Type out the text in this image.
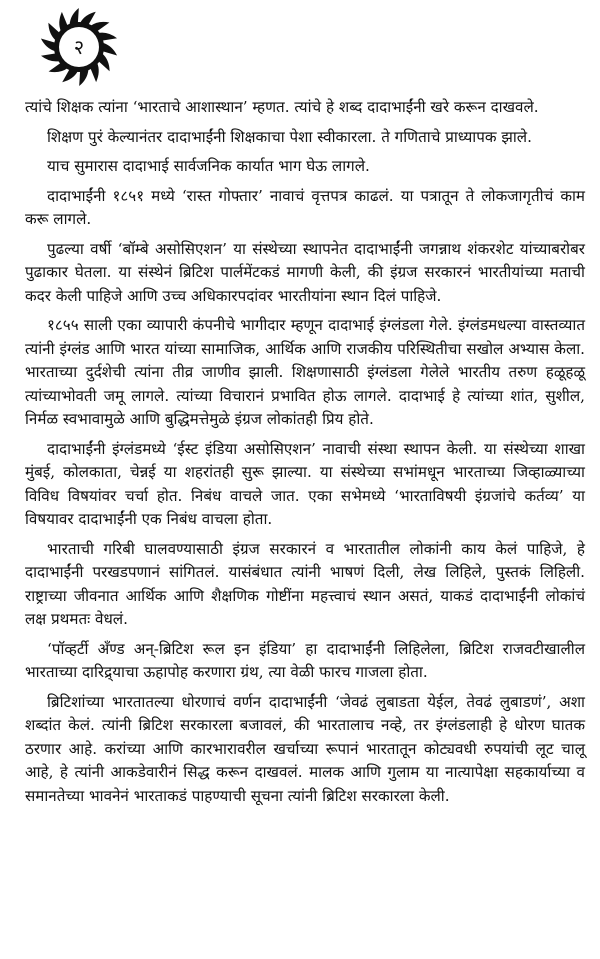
२

त्यांचे शिक्षक त्यांना ‘भारताचे आशास्थान’ म्हणत. त्यांचे हे शब्द दादाभाईंनी खरे करून दाखवले.

शिक्षण पुरं केल्यानंतर दादाभाईंनी शिक्षकाचा पेशा स्वीकारला. ते गणिताचे प्राध्यापक झाले.

याच सुमारास दादाभाई सार्वजनिक कार्यात भाग घेऊ लागले.

दादाभाईंनी १८५१ मध्ये ‘रास्त गोफ्तार’ नावाचं वृत्तपत्र काढलं. या पत्रातून ते लोकजागृतीचं काम करू लागले.

पुढल्या वर्षी ‘बॉम्बे असोसिएशन’ या संस्थेच्या स्थापनेत दादाभाईंनी जगन्नाथ शंकरशेट यांच्याबरोबर पुढाकार घेतला. या संस्थेनं ब्रिटिश पार्लमेंटकडं मागणी केली, की इंग्रज सरकारनं भारतीयांच्या मताची कदर केली पाहिजे आणि उच्च अधिकारपदांवर भारतीयांना स्थान दिलं पाहिजे.

१८५५ साली एका व्यापारी कंपनीचे भागीदार म्हणून दादाभाई इंग्लंडला गेले. इंग्लंडमधल्या वास्तव्यात त्यांनी इंग्लंड आणि भारत यांच्या सामाजिक, आर्थिक आणि राजकीय परिस्थितीचा सखोल अभ्यास केला. भारताच्या दुर्दशेची त्यांना तीव्र जाणीव झाली. शिक्षणासाठी इंग्लंडला गेलेले भारतीय तरुण हळूहळू त्यांच्याभोवती जमू लागले. त्यांच्या विचारानं प्रभावित होऊ लागले. दादाभाई हे त्यांच्या शांत, सुशील, निर्मळ स्वभावामुळे आणि बुद्धिमत्तेमुळे इंग्रज लोकांतही प्रिय होते.

दादाभाईंनी इंग्लंडमध्ये ‘ईस्ट इंडिया असोसिएशन’ नावाची संस्था स्थापन केली. या संस्थेच्या शाखा मुंबई, कोलकाता, चेन्नई या शहरांतही सुरू झाल्या. या संस्थेच्या सभांमधून भारताच्या जिव्हाळ्याच्या विविध विषयांवर चर्चा होत. निबंध वाचले जात. एका सभेमध्ये ‘भारताविषयी इंग्रजांचे कर्तव्य’ या विषयावर दादाभाईंनी एक निबंध वाचला होता.

भारताची गरिबी घालवण्यासाठी इंग्रज सरकारनं व भारतातील लोकांनी काय केलं पाहिजे, हे दादाभाईंनी परखडपणानं सांगितलं. यासंबंधात त्यांनी भाषणं दिली, लेख लिहिले, पुस्तकं लिहिली. राष्ट्राच्या जीवनात आर्थिक आणि शैक्षणिक गोष्टींना महत्त्वाचं स्थान असतं, याकडं दादाभाईंनी लोकांचं लक्ष प्रथमतः वेधलं.

‘पॉव्हर्टी अँण्ड अन्-ब्रिटिश रूल इन इंडिया’ हा दादाभाईंनी लिहिलेला, ब्रिटिश राजवटीखालील भारताच्या दारिद्र्याचा ऊहापोह करणारा ग्रंथ, त्या वेळी फारच गाजला होता.

ब्रिटिशांच्या भारतातल्या धोरणाचं वर्णन दादाभाईंनी ‘जेवढं लुबाडता येईल, तेवढं लुबाडणं’, अशा शब्दांत केलं. त्यांनी ब्रिटिश सरकारला बजावलं, की भारतालाच नव्हे, तर इंग्लंडलाही हे धोरण घातक ठरणार आहे. करांच्या आणि कारभारावरील खर्चाच्या रूपानं भारतातून कोट्यवधी रुपयांची लूट चालू आहे, हे त्यांनी आकडेवारीनं सिद्ध करून दाखवलं. मालक आणि गुलाम या नात्यापेक्षा सहकार्याच्या व समानतेच्या भावनेनं भारताकडं पाहण्याची सूचना त्यांनी ब्रिटिश सरकारला केली.
